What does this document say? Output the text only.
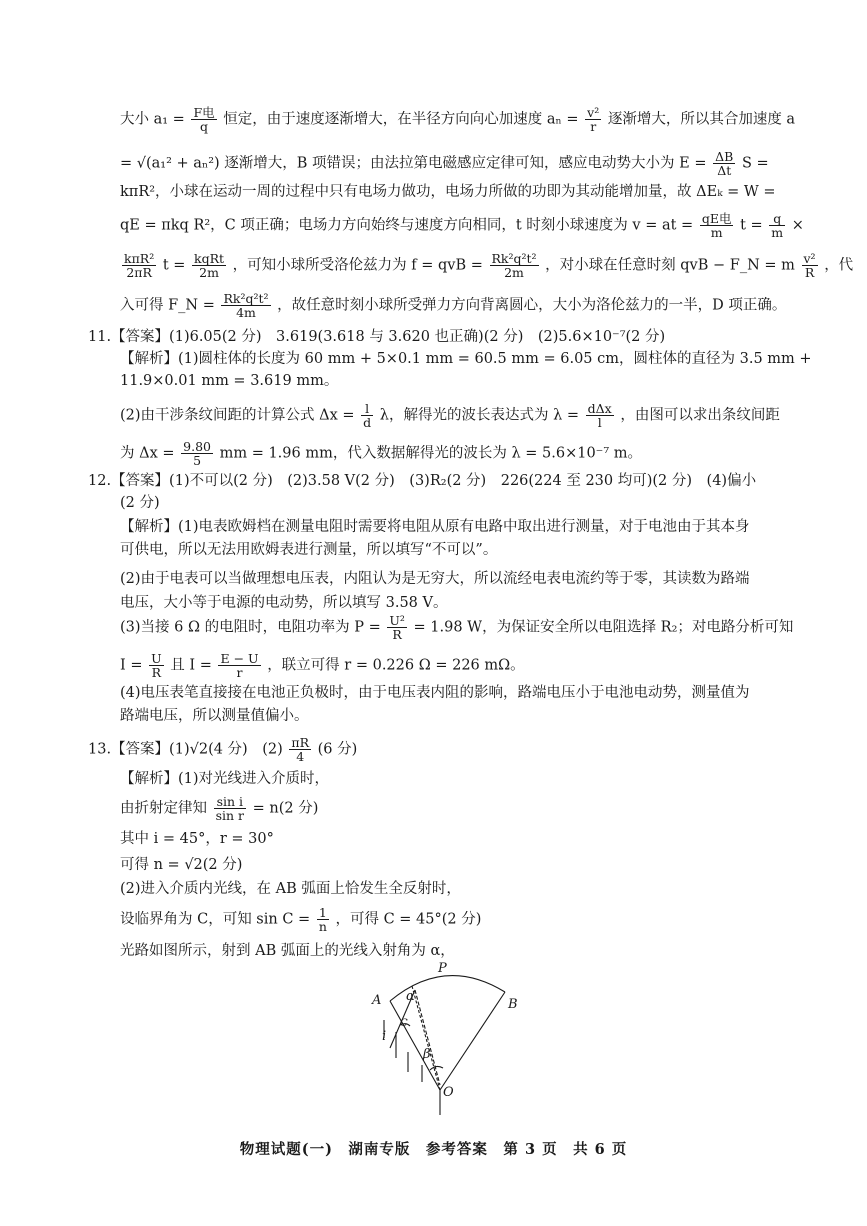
大小 $a_1 = \frac{\text{F电}}{q}$ 恒定，由于速度逐渐增大，在半径方向向心加速度 $a_n = \frac{\text{v²}}{r}$ 逐渐增大，所以其合加速度 a
= √(a₁² + aₙ²) 逐渐增大，B 项错误；由法拉第电磁感应定律可知，感应电动势大小为 $E = \frac{\Delta B}{\Delta t}$ S =
kπR²，小球在运动一周的过程中只有电场力做功，电场力所做的功即为其动能增加量，故 ΔEₖ = W =
qE = πkq R²，C 项正确；电场力方向始终与速度方向相同，t 时刻小球速度为 v = at = $\frac{\text{qE电}}{m}$ $t = \frac{q}{m}$ ×
$\frac{\text{kπR²}}{2\pi R}$ $t = \frac{\text{kqRt}}{2m}$ ，可知小球所受洛伦兹力为 f = qvB = $\frac{\text{Rk²q²t²}}{2m}$ ，对小球在任意时刻 qvB − F_N = m $\frac{\text{v²}}{R}$ ，代
入可得 F_N = $\frac{\text{Rk²q²t²}}{4m}$ ，故任意时刻小球所受弹力方向背离圆心，大小为洛伦兹力的一半，D 项正确。
11.【答案】(1)6.05(2 分)　3.619(3.618 与 3.620 也正确)(2 分)　(2)5.6×10⁻⁷(2 分)
【解析】(1)圆柱体的长度为 60 mm + 5×0.1 mm = 60.5 mm = 6.05 cm，圆柱体的直径为 3.5 mm +
11.9×0.01 mm = 3.619 mm。
(2)由干涉条纹间距的计算公式 $\Delta x = \frac{l}{d}$ λ，解得光的波长表达式为 $\lambda = \frac{\text{dΔx}}{l}$ ，由图可以求出条纹间距
为 $\Delta x = \frac{9.80}{5}$ mm = 1.96 mm，代入数据解得光的波长为 λ = 5.6×10⁻⁷ m。
12.【答案】(1)不可以(2 分)　(2)3.58 V(2 分)　(3)R₂(2 分)　226(224 至 230 均可)(2 分)　(4)偏小
(2 分)
【解析】(1)电表欧姆档在测量电阻时需要将电阻从原有电路中取出进行测量，对于电池由于其本身
可供电，所以无法用欧姆表进行测量，所以填写“不可以”。
(2)由于电表可以当做理想电压表，内阻认为是无穷大，所以流经电表电流约等于零，其读数为路端
电压，大小等于电源的电动势，所以填写 3.58 V。
(3)当接 6 Ω 的电阻时，电阻功率为 $P = \frac{\text{U²}}{R} = 1.98$ W，为保证安全所以电阻选择 R₂；对电路分析可知
$I = \frac{U}{R}$ 且 $I = \frac{E - U}{r}$ ，联立可得 r = 0.226 Ω = 226 mΩ。
(4)电压表笔直接接在电池正负极时，由于电压表内阻的影响，路端电压小于电池电动势，测量值为
路端电压，所以测量值偏小。
13.【答案】(1)√2(4 分)　$(2) \frac{\pi R}{4} (6$ 分)
【解析】(1)对光线进入介质时，
由折射定律知 $\frac{\text{sin i}}{\text{sin r}} = n(2$ 分)
其中 i = 45°，r = 30°
可得 n = √2(2 分)
(2)进入介质内光线，在 AB 弧面上恰发生全反射时，
设临界角为 C，可知 $\sin C = \frac{1}{n}$ ，可得 C = 45°(2 分)
光路如图所示，射到 AB 弧面上的光线入射角为 α，
P
A	B
O
i
α
β
C
物理试题(一)　湖南专版　参考答案　第 3 页　共 6 页
